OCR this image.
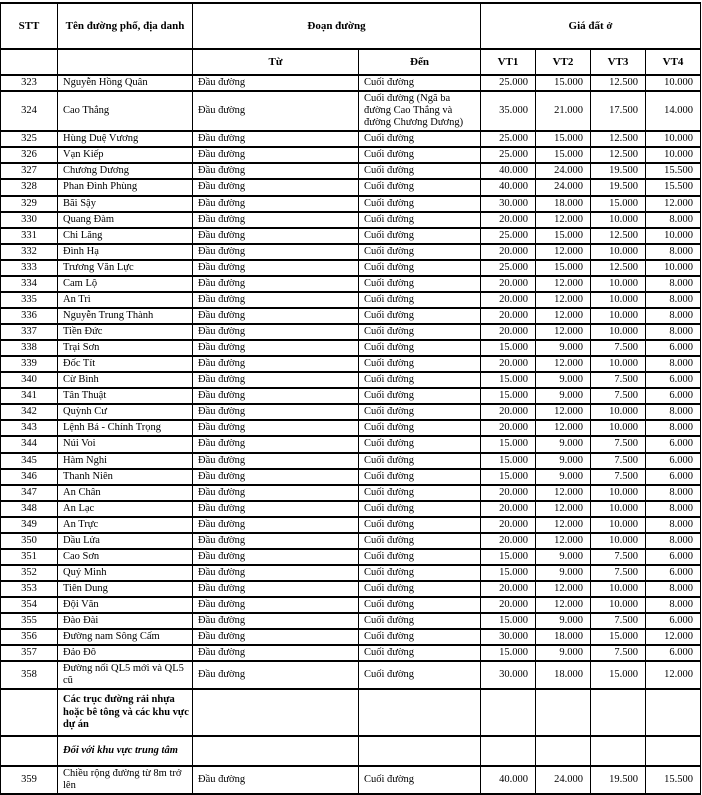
STT	Tên đường phố, địa danh	Đoạn đường		Giá đất ở			
		Từ	Đến	VT1	VT2	VT3	VT4
323	Nguyễn Hồng Quân	Đầu đường	Cuối đường	25.000	15.000	12.500	10.000
324	Cao Thắng	Đầu đường	Cuối đường (Ngã ba đường Cao Thắng và đường Chương Dương)	35.000	21.000	17.500	14.000
325	Hùng Duệ Vương	Đầu đường	Cuối đường	25.000	15.000	12.500	10.000
326	Vạn Kiếp	Đầu đường	Cuối đường	25.000	15.000	12.500	10.000
327	Chương Dương	Đầu đường	Cuối đường	40.000	24.000	19.500	15.500
328	Phan Đình Phùng	Đầu đường	Cuối đường	40.000	24.000	19.500	15.500
329	Bãi Sậy	Đầu đường	Cuối đường	30.000	18.000	15.000	12.000
330	Quang Đàm	Đầu đường	Cuối đường	20.000	12.000	10.000	8.000
331	Chi Lăng	Đầu đường	Cuối đường	25.000	15.000	12.500	10.000
332	Đình Hạ	Đầu đường	Cuối đường	20.000	12.000	10.000	8.000
333	Trương Văn Lực	Đầu đường	Cuối đường	25.000	15.000	12.500	10.000
334	Cam Lộ	Đầu đường	Cuối đường	20.000	12.000	10.000	8.000
335	An Trì	Đầu đường	Cuối đường	20.000	12.000	10.000	8.000
336	Nguyễn Trung Thành	Đầu đường	Cuối đường	20.000	12.000	10.000	8.000
337	Tiền Đức	Đầu đường	Cuối đường	20.000	12.000	10.000	8.000
338	Trại Sơn	Đầu đường	Cuối đường	15.000	9.000	7.500	6.000
339	Đốc Tít	Đầu đường	Cuối đường	20.000	12.000	10.000	8.000
340	Cừ Bình	Đầu đường	Cuối đường	15.000	9.000	7.500	6.000
341	Tân Thuật	Đầu đường	Cuối đường	15.000	9.000	7.500	6.000
342	Quỳnh Cư	Đầu đường	Cuối đường	20.000	12.000	10.000	8.000
343	Lệnh Bá - Chính Trọng	Đầu đường	Cuối đường	20.000	12.000	10.000	8.000
344	Núi Voi	Đầu đường	Cuối đường	15.000	9.000	7.500	6.000
345	Hàm Nghi	Đầu đường	Cuối đường	15.000	9.000	7.500	6.000
346	Thanh Niên	Đầu đường	Cuối đường	15.000	9.000	7.500	6.000
347	An Chân	Đầu đường	Cuối đường	20.000	12.000	10.000	8.000
348	An Lạc	Đầu đường	Cuối đường	20.000	12.000	10.000	8.000
349	An Trực	Đầu đường	Cuối đường	20.000	12.000	10.000	8.000
350	Dầu Lửa	Đầu đường	Cuối đường	20.000	12.000	10.000	8.000
351	Cao Sơn	Đầu đường	Cuối đường	15.000	9.000	7.500	6.000
352	Quý Minh	Đầu đường	Cuối đường	15.000	9.000	7.500	6.000
353	Tiên Dung	Đầu đường	Cuối đường	20.000	12.000	10.000	8.000
354	Đội Văn	Đầu đường	Cuối đường	20.000	12.000	10.000	8.000
355	Đào Đài	Đầu đường	Cuối đường	15.000	9.000	7.500	6.000
356	Đường nam Sông Cấm	Đầu đường	Cuối đường	30.000	18.000	15.000	12.000
357	Đảo Đô	Đầu đường	Cuối đường	15.000	9.000	7.500	6.000
358	Đường nối QL5 mới và QL5 cũ	Đầu đường	Cuối đường	30.000	18.000	15.000	12.000
	Các trục đường rải nhựa hoặc bê tông và các khu vực dự án						
	Đối với khu vực trung tâm						
359	Chiều rộng đường từ 8m trở lên	Đầu đường	Cuối đường	40.000	24.000	19.500	15.500
